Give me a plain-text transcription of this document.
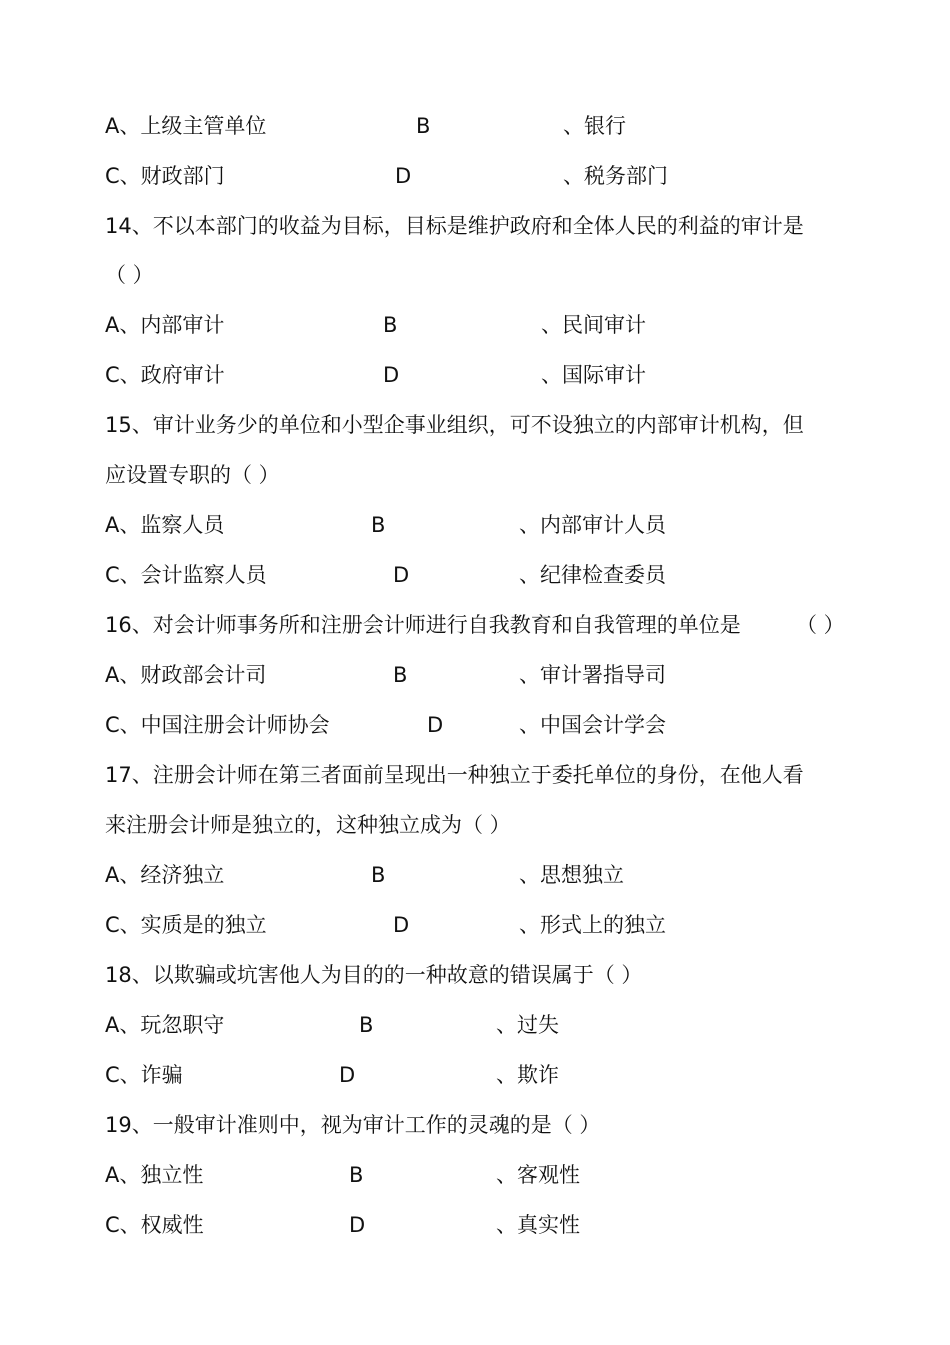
A、上级主管单位	B	、银行
C、财政部门	D	、税务部门
14、不以本部门的收益为目标，目标是维护政府和全体人民的利益的审计是
（ ）
A、内部审计	B	、民间审计
C、政府审计	D	、国际审计
15、审计业务少的单位和小型企事业组织，可不设独立的内部审计机构，但
应设置专职的（ ）
A、监察人员	B	、内部审计人员
C、会计监察人员	D	、纪律检查委员
16、对会计师事务所和注册会计师进行自我教育和自我管理的单位是	（ ）
A、财政部会计司	B	、审计署指导司
C、中国注册会计师协会	D	、中国会计学会
17、注册会计师在第三者面前呈现出一种独立于委托单位的身份，在他人看
来注册会计师是独立的，这种独立成为（ ）
A、经济独立	B	、思想独立
C、实质是的独立	D	、形式上的独立
18、以欺骗或坑害他人为目的的一种故意的错误属于（ ）
A、玩忽职守	B	、过失
C、诈骗	D	、欺诈
19、一般审计准则中，视为审计工作的灵魂的是（ ）
A、独立性	B	、客观性
C、权威性	D	、真实性
